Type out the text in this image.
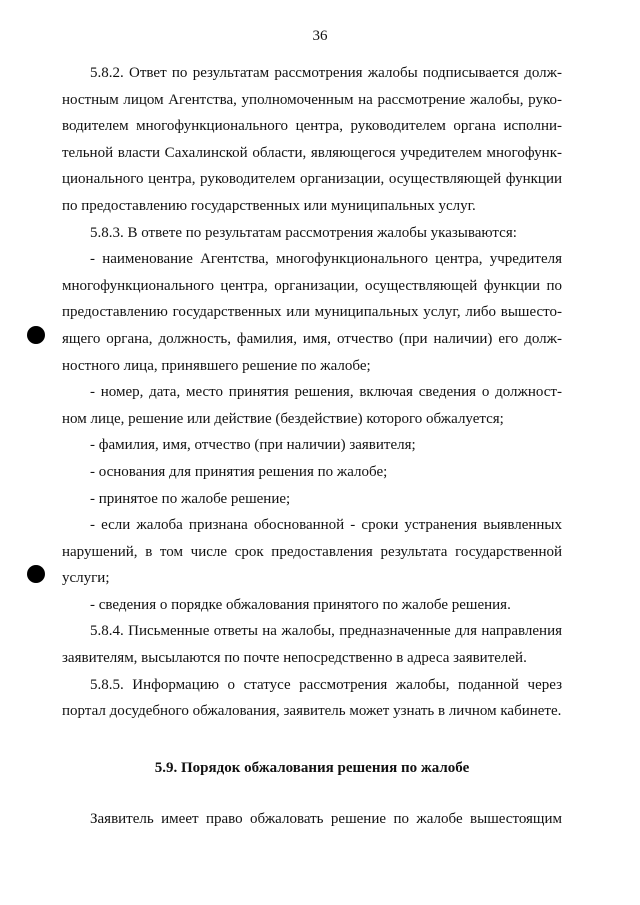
36

5.8.2. Ответ по результатам рассмотрения жалобы подписывается должностным лицом Агентства, уполномоченным на рассмотрение жалобы, руководителем многофункционального центра, руководителем органа исполнительной власти Сахалинской области, являющегося учредителем многофункционального центра, руководителем организации, осуществляющей функции по предоставлению государственных или муниципальных услуг.

5.8.3. В ответе по результатам рассмотрения жалобы указываются:

- наименование Агентства, многофункционального центра, учредителя многофункционального центра, организации, осуществляющей функции по предоставлению государственных или муниципальных услуг, либо вышестоящего органа, должность, фамилия, имя, отчество (при наличии) его должностного лица, принявшего решение по жалобе;

- номер, дата, место принятия решения, включая сведения о должностном лице, решение или действие (бездействие) которого обжалуется;

- фамилия, имя, отчество (при наличии) заявителя;

- основания для принятия решения по жалобе;

- принятое по жалобе решение;

- если жалоба признана обоснованной - сроки устранения выявленных нарушений, в том числе срок предоставления результата государственной услуги;

- сведения о порядке обжалования принятого по жалобе решения.

5.8.4. Письменные ответы на жалобы, предназначенные для направления заявителям, высылаются по почте непосредственно в адреса заявителей.

5.8.5. Информацию о статусе рассмотрения жалобы, поданной через портал досудебного обжалования, заявитель может узнать в личном кабинете.

5.9. Порядок обжалования решения по жалобе

Заявитель имеет право обжаловать решение по жалобе вышестоящим
